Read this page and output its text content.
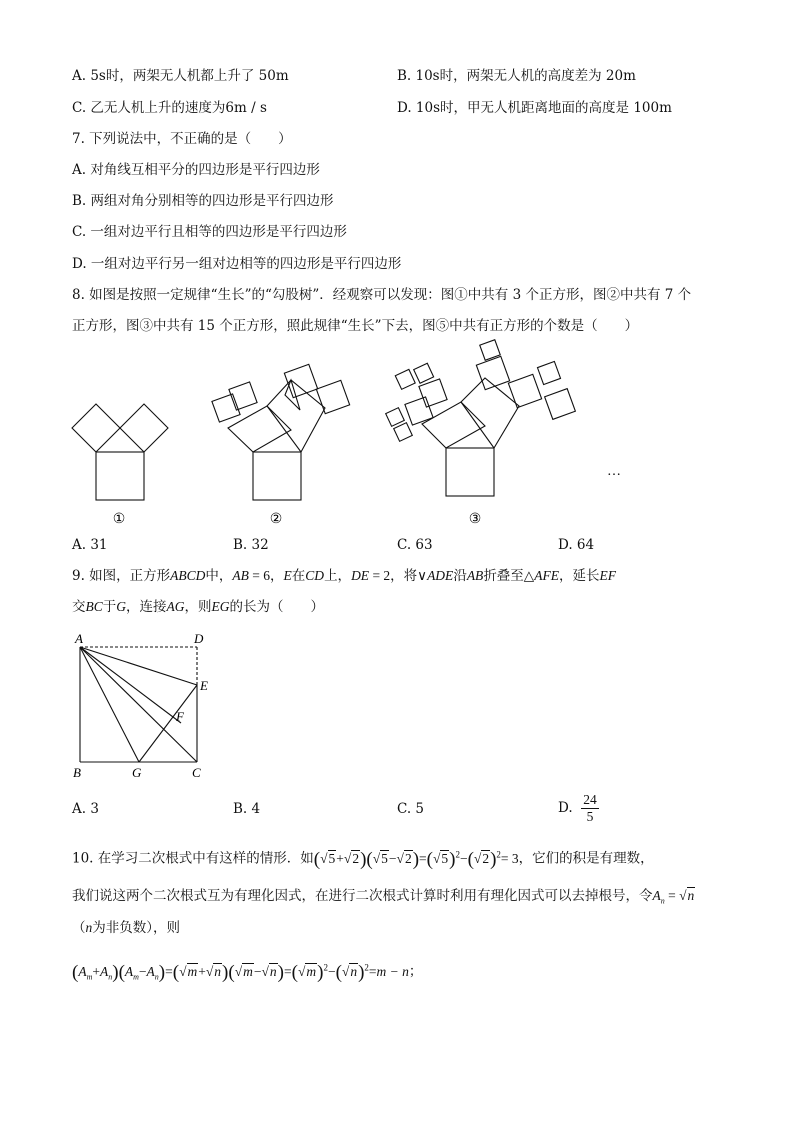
A. 5s时，两架无人机都上升了 50m	B. 10s时，两架无人机的高度差为 20m
C. 乙无人机上升的速度为6m / s	D. 10s时，甲无人机距离地面的高度是 100m
7. 下列说法中，不正确的是（　　）
A. 对角线互相平分的四边形是平行四边形
B. 两组对角分别相等的四边形是平行四边形
C. 一组对边平行且相等的四边形是平行四边形
D. 一组对边平行另一组对边相等的四边形是平行四边形
8. 如图是按照一定规律“生长”的“勾股树”．经观察可以发现：图①中共有 3 个正方形，图②中共有 7 个
正方形，图③中共有 15 个正方形，照此规律“生长”下去，图⑤中共有正方形的个数是（　　）
①	②	③
…
A. 31	B. 32	C. 63	D. 64
9. 如图，正方形ABCD中，AB = 6，E在CD上，DE = 2，将∨ADE沿AB折叠至△AFE，延长EF
交BC于G，连接AG，则EG的长为（　　）
A	D
E
F
B	G	C
A. 3	B. 4	C. 5	D. $\frac{24}{5}$
10. 在学习二次根式中有这样的情形．如$(√5+√2)(√5-√2)=(√5)^2-(√2)^2= 3$，它们的积是有理数，
我们说这两个二次根式互为有理化因式，在进行二次根式计算时利用有理化因式可以去掉根号，令$A_n = √n$
（n为非负数），则
$(A_m+A_n)(A_m-A_n)=(√m+√n)(√m-√n)=(√m)^2-(√n)^2=m - n$；
